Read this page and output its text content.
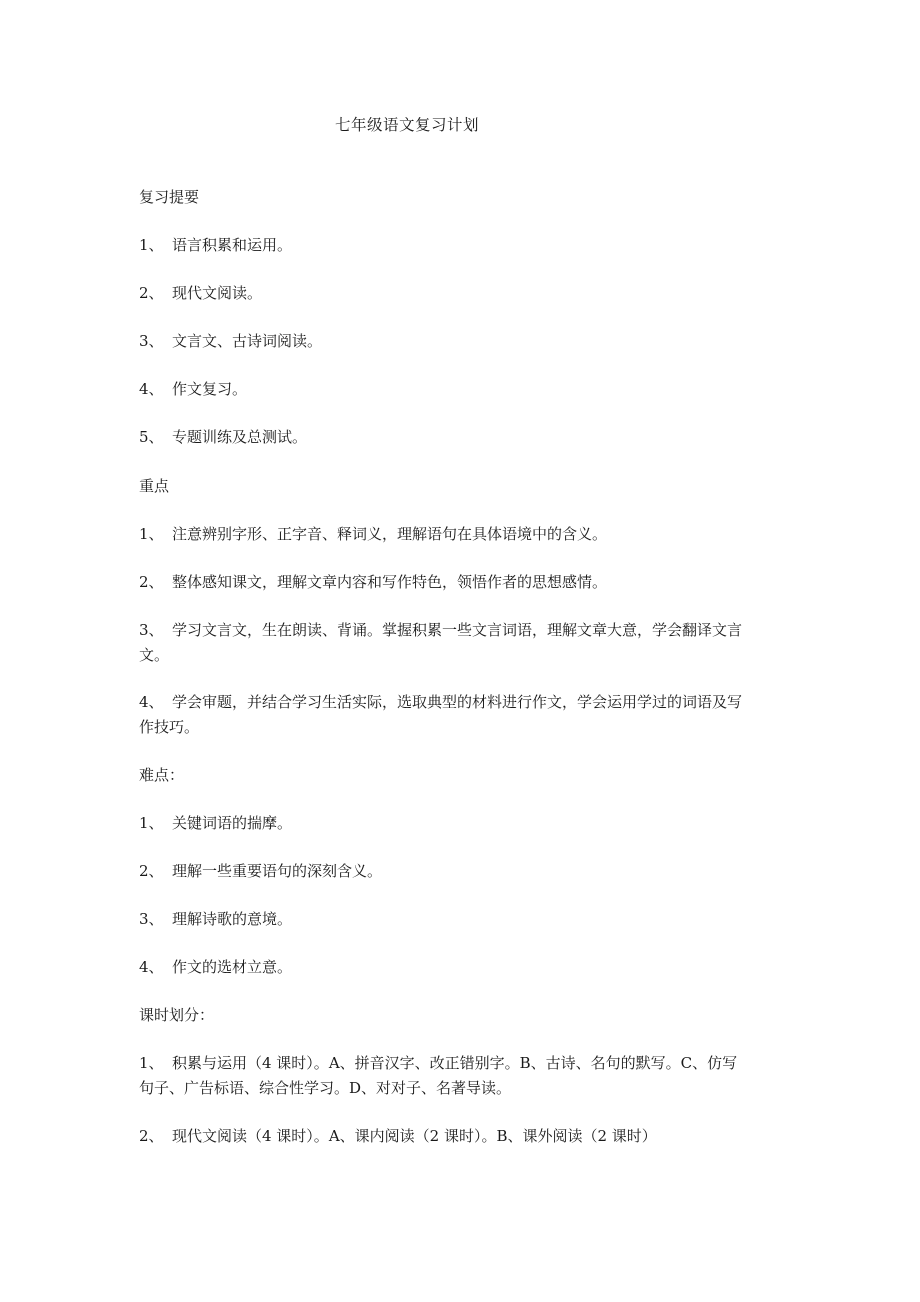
七年级语文复习计划
复习提要
1、 语言积累和运用。
2、 现代文阅读。
3、 文言文、古诗词阅读。
4、 作文复习。
5、 专题训练及总测试。
重点
1、 注意辨别字形、正字音、释词义，理解语句在具体语境中的含义。
2、 整体感知课文，理解文章内容和写作特色，领悟作者的思想感情。
3、 学习文言文，生在朗读、背诵。掌握积累一些文言词语，理解文章大意，学会翻译文言
文。
4、 学会审题，并结合学习生活实际，选取典型的材料进行作文，学会运用学过的词语及写
作技巧。
难点：
1、 关键词语的揣摩。
2、 理解一些重要语句的深刻含义。
3、 理解诗歌的意境。
4、 作文的选材立意。
课时划分：
1、 积累与运用（4 课时）。A、拼音汉字、改正错别字。B、古诗、名句的默写。C、仿写
句子、广告标语、综合性学习。D、对对子、名著导读。
2、 现代文阅读（4 课时）。A、课内阅读（2 课时）。B、课外阅读（2 课时）
